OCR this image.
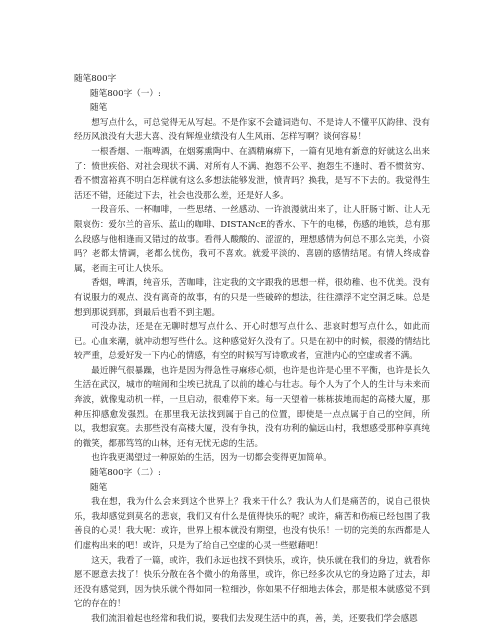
随笔800字
随笔800字（一）:
随笔

想写点什么，可总觉得无从写起。不是作家不会谴词造句、不是诗人不懂平仄韵律、没有经历风浪没有大悲大喜、没有辉煌业绩没有人生风雨、怎样写啊？谈何容易！

一根香烟、一瓶啤酒，在烟雾熏陶中、在酒精麻痹下，一篇有见地有新意的好就这么出来了：愤世疾俗、对社会现状不满、对所有人不满、抱怨不公平、抱怨生不逢时、看不惯贫穷、看不惯富裕真不明白怎样就有这么多想法能够发泄，愤青吗？换我，是写不下去的。我觉得生活还不错，还能过下去，社会也没那么差，还是好人多。

一段音乐、一杯咖啡，一些思绪、一丝感动、一许浪漫就出来了，让人肝肠寸断、让人无限哀伤：爱尔兰的音乐、蓝山的咖啡、DISTANcE的香水、下午的电梯，伤感的地铁，总有那么段感与他相逢而又错过的故事。看得人酸酸的、涩涩的，理想感情为何总不那么完美，小资吗？老都太情调，老都么忧伤，我可不喜欢。就爱平淡的、喜剧的感情结尾。有情人终成眷属，老而主可让人快乐。

香烟，啤酒，纯音乐，苦咖啡，注定我的文字跟我的思想一样，很幼稚、也不优美。没有有说服力的观点、没有离奇的故事，有的只是一些破碎的想法，往往漂浮不定空洞乏味。总是想到那说到那，到最后也看不到主题。

可没办法，还是在无聊时想写点什么、开心时想写点什么、悲哀时想写点什么，如此而已。心血来潮，就冲动想写些什么。这种感觉好久没有了。只是在初中的时候，很漫的情结比较严重，总爱好发一下内心的情感，有空的时候写写诗歌或者，宣泄内心的空虚或者不满。

最近脾气很暴躁，也许是因为得急性寻麻疹心烦，也许是也许是心里不平衡，也许是长久生活在武汉，城市的喧闹和尘埃已扰乱了以前的雄心与壮志。每个人为了个人的生计与未来而奔波，就像鬼动机一样，一旦启动，很难停下来。每一天望着一栋栋拔地而起的高楼大厦，那种压抑感愈发强烈。在那里我无法找到属于自己的位置，即使是一点点属于自己的空间，所以，我想寂寞。去那些没有高楼大厦，没有争执，没有功利的偏远山村，我想感受那种享真纯的微笑，都那笃笃的山林，还有无忧无虑的生活。

也许我更渴望过一种原始的生活，因为一切都会变得更加简单。

随笔800字（二）:
随笔

我在想，我为什么会来到这个世界上？我来干什么？我认为人们是痛苦的，说自己很快乐，我却感觉到莫名的悲哀，我们又有什么是值得快乐的呢？或许，痛苦和伤痕已经包围了我善良的心灵！我大呢：或许，世界上根本就没有期望，也没有快乐！一切的完美的东西都是人们虚构出来的吧！或许，只是为了给自己空虚的心灵一些慰藉吧！

这天，我看了一篇，或许，我们永远也找不到快乐，或许，快乐就在我们的身边，就看你愿不愿意去找了！快乐分散在各个微小的角落里，或许，你已经多次从它的身边路了过去，却还没有感觉到，因为快乐就个得如同一粒细沙，你如果不仔细地去体会，那是根本就感觉不到它的存在的！

我们流泪着起也经常和我们说，要我们去发现生活中的真，善，美，还要我们学会感恩
